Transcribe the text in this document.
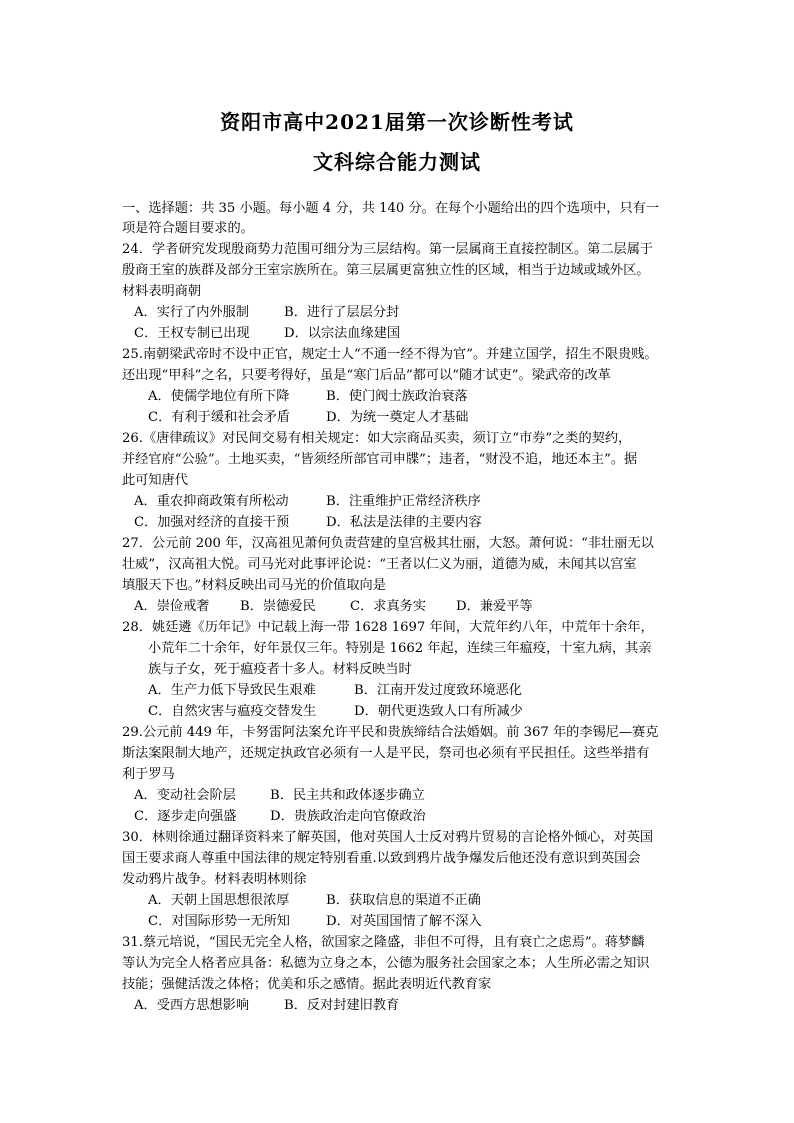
资阳市高中2021届第一次诊断性考试
文科综合能力测试
一、选择题：共 35 小题。每小题 4 分，共 140 分。在每个小题给出的四个选项中，只有一
项是符合题目要求的。
24．学者研究发现殷商势力范围可细分为三层结构。第一层属商王直接控制区。第二层属于
殷商王室的族群及部分王室宗族所在。第三层属更富独立性的区域，相当于边域或域外区。
材料表明商朝
A．实行了内外服制	B．进行了层层分封
C．王权专制已出现	D．以宗法血缘建国
25.南朝梁武帝时不设中正官，规定士人“不通一经不得为官”。并建立国学，招生不限贵贱。
还出现“甲科”之名，只要考得好，虽是“寒门后品”都可以“随才试吏”。梁武帝的改革
A．使儒学地位有所下降	B．使门阀士族政治衰落
C．有利于缓和社会矛盾	D．为统一奠定人才基础
26.《唐律疏议》对民间交易有相关规定：如大宗商品买卖，须订立“市券”之类的契约，
并经官府“公验”。土地买卖，“皆须经所部官司申牒”；违者，“财没不追，地还本主”。据
此可知唐代
A．重农抑商政策有所松动	B．注重维护正常经济秩序
C．加强对经济的直接干预	D．私法是法律的主要内容
27．公元前 200 年，汉高祖见萧何负责营建的皇宫极其壮丽，大怒。萧何说：“非壮丽无以
壮威”，汉高祖大悦。司马光对此事评论说：“王者以仁义为丽，道德为威，未闻其以宫室
填服天下也。”材料反映出司马光的价值取向是
A．崇俭戒奢 B．崇德爱民	C．求真务实 D．兼爱平等
28．姚廷遴《历年记》中记载上海一带 1628 1697 年间，大荒年约八年，中荒年十余年，
小荒年二十余年，好年景仅三年。特别是 1662 年起，连续三年瘟疫，十室九病，其亲
族与子女，死于瘟疫者十多人。材料反映当时
A．生产力低下导致民生艰难	B．江南开发过度致环境恶化
C．自然灾害与瘟疫交替发生	D．朝代更迭致人口有所减少
29.公元前 449 年，卡努雷阿法案允许平民和贵族缔结合法婚姻。前 367 年的李锡尼—赛克
斯法案限制大地产，还规定执政官必须有一人是平民，祭司也必须有平民担任。这些举措有
利于罗马
A．变动社会阶层	B．民主共和政体逐步确立
C．逐步走向强盛	D．贵族政治走向官僚政治
30．林则徐通过翻译资料来了解英国，他对英国人士反对鸦片贸易的言论格外倾心，对英国
国王要求商人尊重中国法律的规定特别看重.以致到鸦片战争爆发后他还没有意识到英国会
发动鸦片战争。材料表明林则徐
A．天朝上国思想很浓厚	B．获取信息的渠道不正确
C．对国际形势一无所知	D．对英国国情了解不深入
31.蔡元培说，“国民无完全人格，欲国家之隆盛，非但不可得，且有衰亡之虑焉”。蒋梦麟
等认为完全人格者应具备：私德为立身之本，公德为服务社会国家之本；人生所必需之知识
技能；强健活泼之体格；优美和乐之感情。据此表明近代教育家
A．受西方思想影响	B．反对封建旧教育
